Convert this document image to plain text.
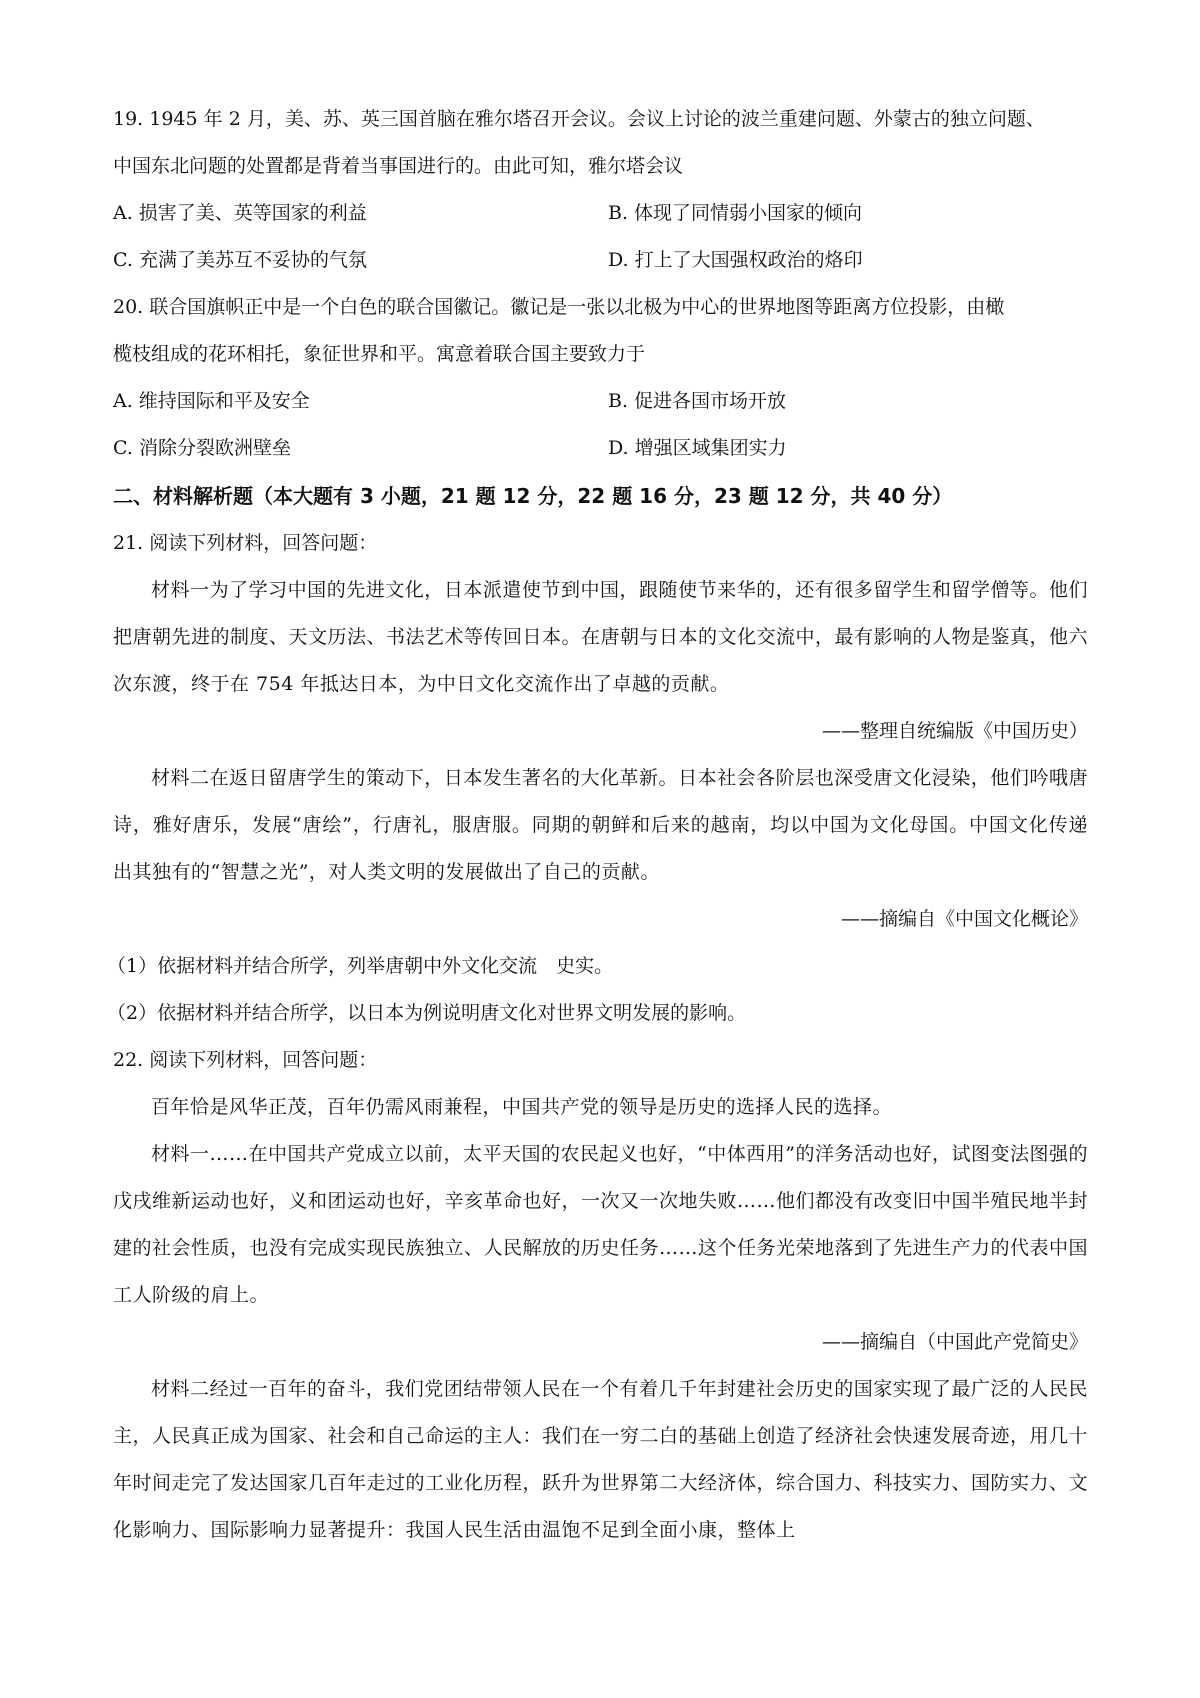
19. 1945 年 2 月，美、苏、英三国首脑在雅尔塔召开会议。会议上讨论的波兰重建问题、外蒙古的独立问题、
中国东北问题的处置都是背着当事国进行的。由此可知，雅尔塔会议
A. 损害了美、英等国家的利益	B. 体现了同情弱小国家的倾向
C. 充满了美苏互不妥协的气氛	D. 打上了大国强权政治的烙印
20. 联合国旗帜正中是一个白色的联合国徽记。徽记是一张以北极为中心的世界地图等距离方位投影，由橄
榄枝组成的花环相托，象征世界和平。寓意着联合国主要致力于
A. 维持国际和平及安全	B. 促进各国市场开放
C. 消除分裂欧洲壁垒	D. 增强区域集团实力
二、材料解析题（本大题有 3 小题，21 题 12 分，22 题 16 分，23 题 12 分，共 40 分）
21. 阅读下列材料，回答问题：
材料一为了学习中国的先进文化，日本派遣使节到中国，跟随使节来华的，还有很多留学生和留学僧等。他们把唐朝先进的制度、天文历法、书法艺术等传回日本。在唐朝与日本的文化交流中，最有影响的人物是鉴真，他六次东渡，终于在 754 年抵达日本，为中日文化交流作出了卓越的贡献。
——整理自统编版《中国历史）
材料二在返日留唐学生的策动下，日本发生著名的大化革新。日本社会各阶层也深受唐文化浸染，他们吟哦唐诗，雅好唐乐，发展“唐绘”，行唐礼，服唐服。同期的朝鲜和后来的越南，均以中国为文化母国。中国文化传递出其独有的“智慧之光”，对人类文明的发展做出了自己的贡献。
——摘编自《中国文化概论》
（1）依据材料并结合所学，列举唐朝中外文化交流　史实。
（2）依据材料并结合所学，以日本为例说明唐文化对世界文明发展的影响。
22. 阅读下列材料，回答问题：
百年恰是风华正茂，百年仍需风雨兼程，中国共产党的领导是历史的选择人民的选择。
材料一……在中国共产党成立以前，太平天国的农民起义也好，“中体西用”的洋务活动也好，试图变法图强的戊戌维新运动也好，义和团运动也好，辛亥革命也好，一次又一次地失败……他们都没有改变旧中国半殖民地半封建的社会性质，也没有完成实现民族独立、人民解放的历史任务……这个任务光荣地落到了先进生产力的代表中国工人阶级的肩上。
——摘编自（中国此产党简史》
材料二经过一百年的奋斗，我们党团结带领人民在一个有着几千年封建社会历史的国家实现了最广泛的人民民主，人民真正成为国家、社会和自己命运的主人：我们在一穷二白的基础上创造了经济社会快速发展奇迹，用几十年时间走完了发达国家几百年走过的工业化历程，跃升为世界第二大经济体，综合国力、科技实力、国防实力、文化影响力、国际影响力显著提升：我国人民生活由温饱不足到全面小康，整体上
